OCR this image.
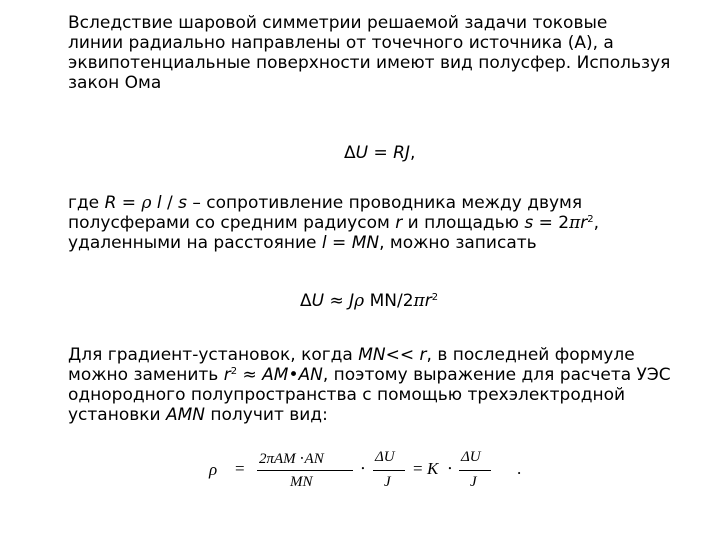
Вследствие шаровой симметрии решаемой задачи токовые
линии радиально направлены от точечного источника (А), а
эквипотенциальные поверхности имеют вид полусфер. Используя
закон Ома

ΔU = RJ,

где R = ρ l / s – сопротивление проводника между двумя
полусферами со средним радиусом r и площадью $s = 2\pi r^2$,
удаленными на расстояние l = MN, можно записать

ΔU ≈ Jρ $MN/2\pi r^2$

Для градиент-установок, когда MN<< r, в последней формуле
можно заменить $r^2$ ≈ AM•AN, поэтому выражение для расчета УЭС
однородного полупространства с помощью трехэлектродной
установки AMN получит вид:

ρ = 2πAM ⋅AN
MN
⋅
ΔU
J
= K ⋅
ΔU
J
.
